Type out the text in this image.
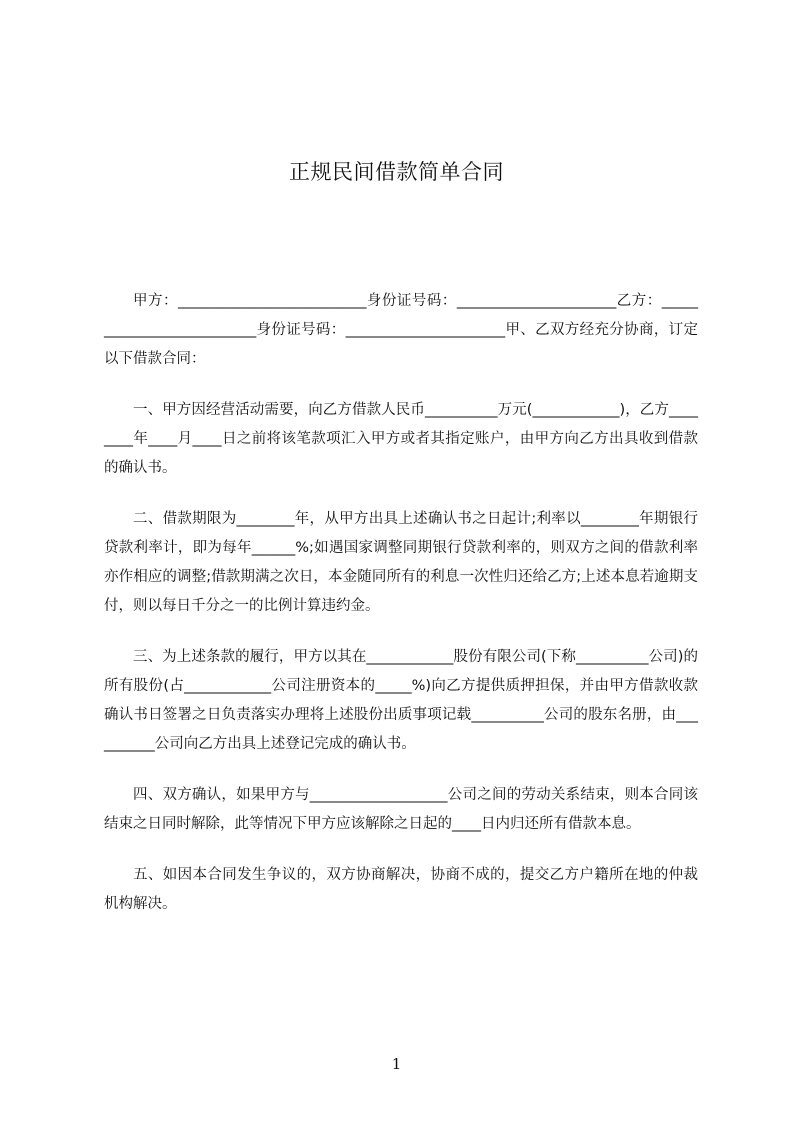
正规民间借款简单合同

甲方：__________________________身份证号码：______________________乙方：__________________________身份证号码：______________________甲、乙双方经充分协商，订定以下借款合同：

一、甲方因经营活动需要，向乙方借款人民币__________万元(____________)，乙方________年____月____日之前将该笔款项汇入甲方或者其指定账户，由甲方向乙方出具收到借款的确认书。

二、借款期限为________年，从甲方出具上述确认书之日起计;利率以________年期银行贷款利率计，即为每年______%;如遇国家调整同期银行贷款利率的，则双方之间的借款利率亦作相应的调整;借款期满之次日，本金随同所有的利息一次性归还给乙方;上述本息若逾期支付，则以每日千分之一的比例计算违约金。

三、为上述条款的履行，甲方以其在____________股份有限公司(下称__________公司)的所有股份(占____________公司注册资本的_____%)向乙方提供质押担保，并由甲方借款收款确认书日签署之日负责落实办理将上述股份出质事项记载__________公司的股东名册，由__________公司向乙方出具上述登记完成的确认书。

四、双方确认，如果甲方与___________________公司之间的劳动关系结束，则本合同该结束之日同时解除，此等情况下甲方应该解除之日起的____日内归还所有借款本息。

五、如因本合同发生争议的，双方协商解决，协商不成的，提交乙方户籍所在地的仲裁机构解决。

1
